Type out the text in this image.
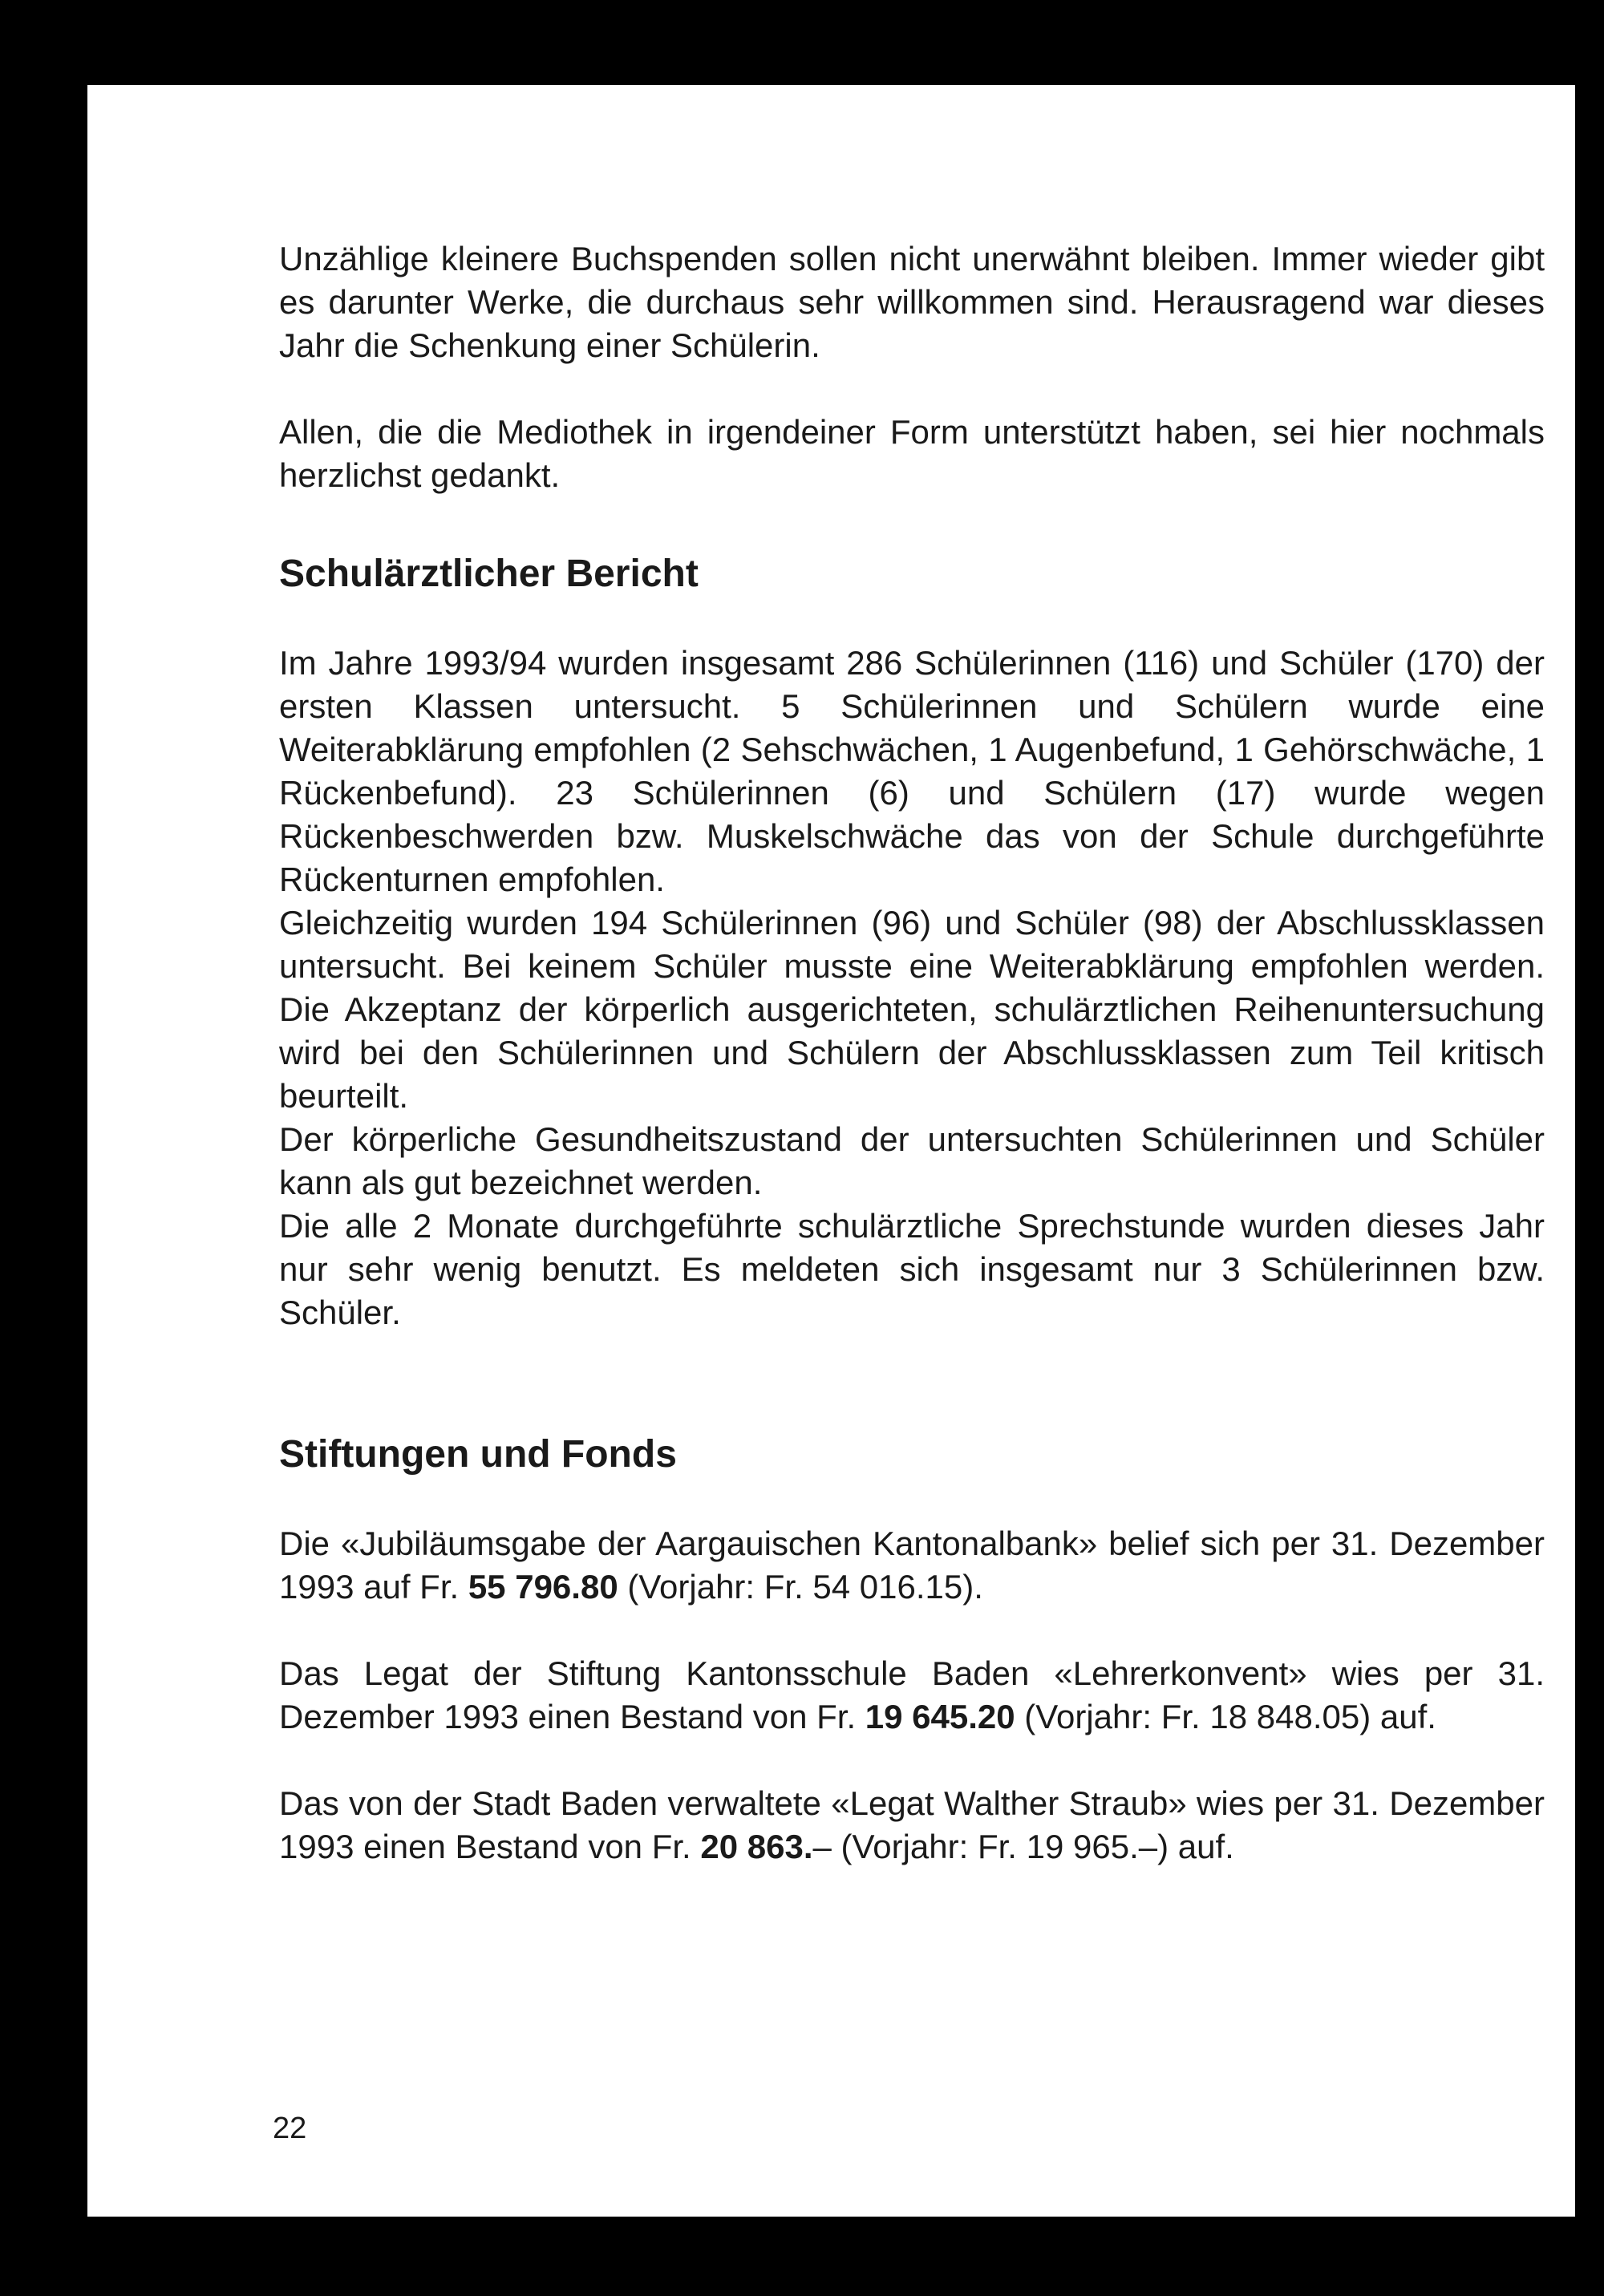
Unzählige kleinere Buchspenden sollen nicht unerwähnt bleiben. Immer wieder gibt es darunter Werke, die durchaus sehr willkommen sind. Herausragend war dieses Jahr die Schenkung einer Schülerin.

Allen, die die Mediothek in irgendeiner Form unterstützt haben, sei hier nochmals herzlichst gedankt.

Schulärztlicher Bericht

Im Jahre 1993/94 wurden insgesamt 286 Schülerinnen (116) und Schüler (170) der ersten Klassen untersucht. 5 Schülerinnen und Schülern wurde eine Weiterabklärung empfohlen (2 Sehschwächen, 1 Augenbefund, 1 Gehörschwäche, 1 Rückenbefund). 23 Schülerinnen (6) und Schülern (17) wurde wegen Rückenbeschwerden bzw. Muskelschwäche das von der Schule durchgeführte Rückenturnen empfohlen.

Gleichzeitig wurden 194 Schülerinnen (96) und Schüler (98) der Abschlussklassen untersucht. Bei keinem Schüler musste eine Weiterabklärung empfohlen werden. Die Akzeptanz der körperlich ausgerichteten, schulärztlichen Reihenuntersuchung wird bei den Schülerinnen und Schülern der Abschlussklassen zum Teil kritisch beurteilt.

Der körperliche Gesundheitszustand der untersuchten Schülerinnen und Schüler kann als gut bezeichnet werden.

Die alle 2 Monate durchgeführte schulärztliche Sprechstunde wurden dieses Jahr nur sehr wenig benutzt. Es meldeten sich insgesamt nur 3 Schülerinnen bzw. Schüler.

Stiftungen und Fonds

Die «Jubiläumsgabe der Aargauischen Kantonalbank» belief sich per 31. Dezember 1993 auf Fr. 55 796.80 (Vorjahr: Fr. 54 016.15).

Das Legat der Stiftung Kantonsschule Baden «Lehrerkonvent» wies per 31. Dezember 1993 einen Bestand von Fr. 19 645.20 (Vorjahr: Fr. 18 848.05) auf.

Das von der Stadt Baden verwaltete «Legat Walther Straub» wies per 31. Dezember 1993 einen Bestand von Fr. 20 863.– (Vorjahr: Fr. 19 965.–) auf.

22
